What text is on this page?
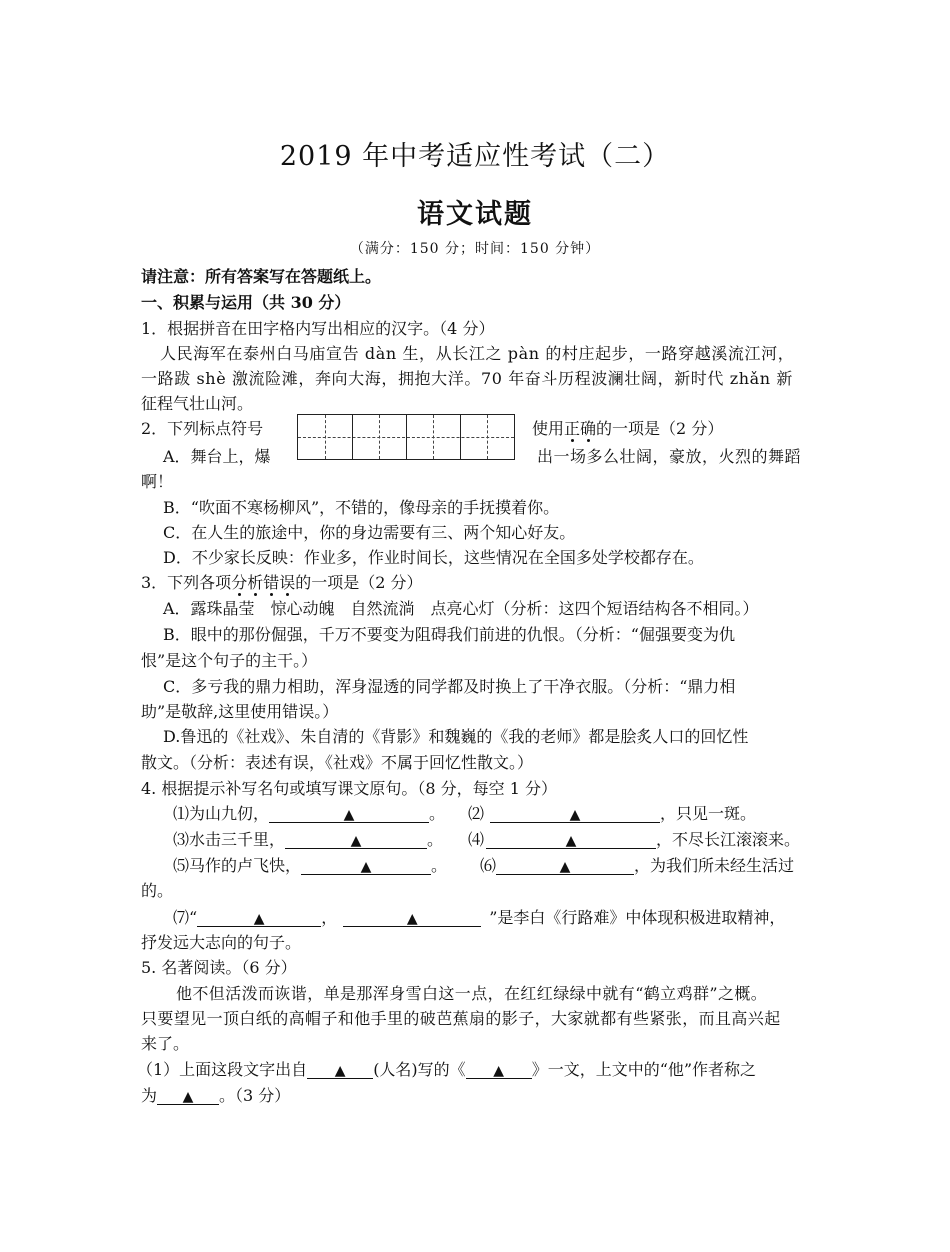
2019 年中考适应性考试（二）
语文试题
（满分：150 分；时间：150 分钟）
请注意：所有答案写在答题纸上。
一、积累与运用（共 30 分）
1．根据拼音在田字格内写出相应的汉字。（4 分）
人民海军在泰州白马庙宣告 dàn 生，从长江之 pàn 的村庄起步，一路穿越溪流江河，
一路跋 shè 激流险滩，奔向大海，拥抱大洋。70 年奋斗历程波澜壮阔，新时代 zhǎn 新
征程气壮山河。
2．下列标点符号	使用正确的一项是（2 分）
A．舞台上，爆	出一场多么壮阔，豪放，火烈的舞蹈
啊！
B．“吹面不寒杨柳风”，不错的，像母亲的手抚摸着你。
C．在人生的旅途中，你的身边需要有三、两个知心好友。
D．不少家长反映：作业多，作业时间长，这些情况在全国多处学校都存在。
3．下列各项分析错误的一项是（2 分）
A．露珠晶莹　惊心动魄　自然流淌　点亮心灯（分析：这四个短语结构各不相同。）
B．眼中的那份倔强，千万不要变为阻碍我们前进的仇恨。（分析：“倔强要变为仇
恨”是这个句子的主干。）
C．多亏我的鼎力相助，浑身湿透的同学都及时换上了干净衣服。（分析：“鼎力相
助”是敬辞,这里使用错误。）
D.鲁迅的《社戏》、朱自清的《背影》和魏巍的《我的老师》都是脍炙人口的回忆性
散文。（分析：表述有误，《社戏》不属于回忆性散文。）
4. 根据提示补写名句或填写课文原句。（8 分，每空 1 分）
⑴为山九仞，	▲	。 ⑵	▲	，只见一斑。
⑶水击三千里，	▲	。 ⑷	▲	，不尽长江滚滚来。
⑸马作的卢飞快，	▲	。 ⑹	▲	，为我们所未经生活过
的。
⑺“	▲	，	▲	”是李白《行路难》中体现积极进取精神，
抒发远大志向的句子。
5. 名著阅读。（6 分）
他不但活泼而诙谐，单是那浑身雪白这一点，在红红绿绿中就有“鹤立鸡群”之概。
只要望见一顶白纸的高帽子和他手里的破芭蕉扇的影子，大家就都有些紧张，而且高兴起
来了。
（1）上面这段文字出自 ▲ (人名)写的《 ▲ 》一文，上文中的“他”作者称之
为 ▲ 。（3 分）
